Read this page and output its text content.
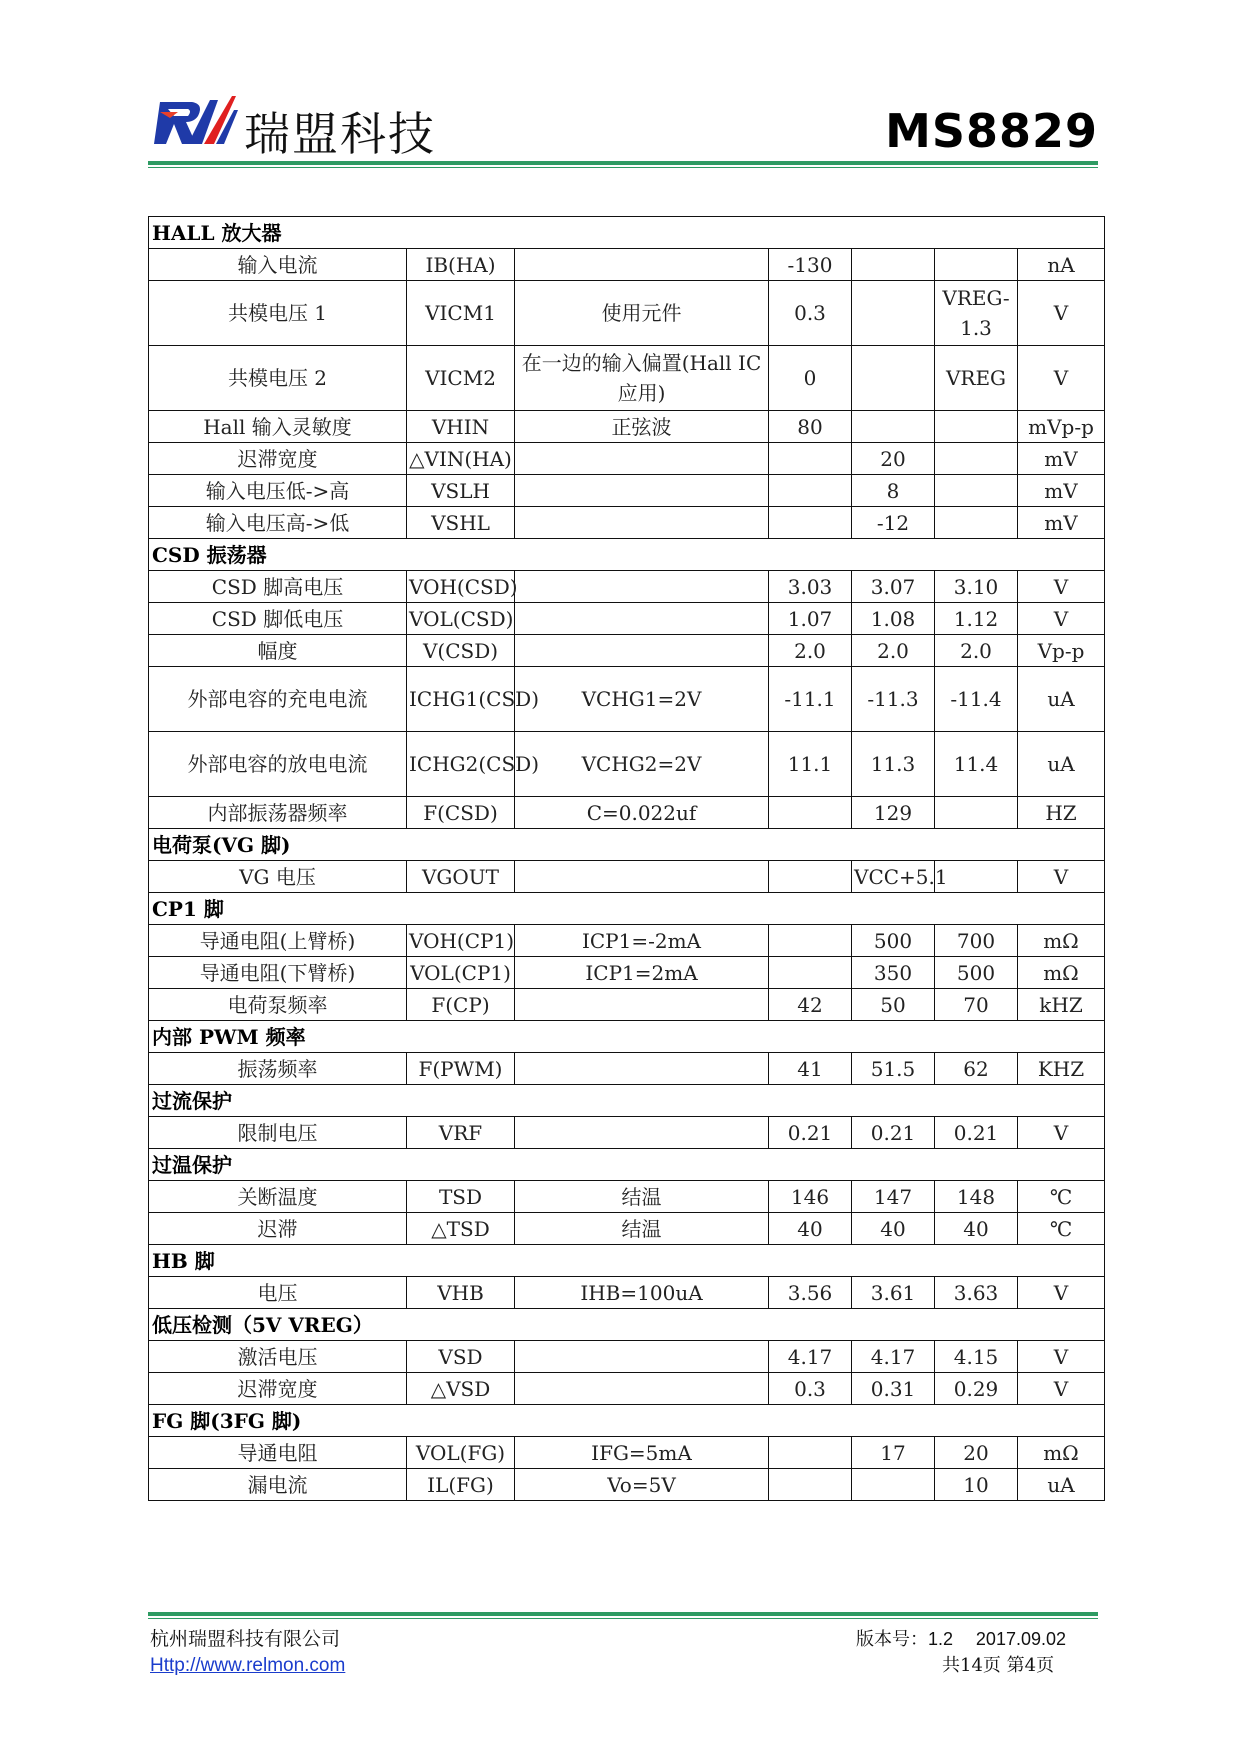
瑞盟科技	MS8829
HALL 放大器						
输入电流	IB(HA)		-130			nA
共模电压 1	VICM1	使用元件	0.3		VREG-1.3	V
共模电压 2	VICM2	在一边的输入偏置(Hall IC 应用)	0		VREG	V
Hall 输入灵敏度	VHIN	正弦波	80			mVp-p
迟滞宽度	△VIN(HA)			20		mV
输入电压低->高	VSLH			8		mV
输入电压高->低	VSHL			-12		mV
CSD 振荡器						
CSD 脚高电压	VOH(CSD)		3.03	3.07	3.10	V
CSD 脚低电压	VOL(CSD)		1.07	1.08	1.12	V
幅度	V(CSD)		2.0	2.0	2.0	Vp-p
外部电容的充电电流	ICHG1(CSD)	VCHG1=2V	-11.1	-11.3	-11.4	uA
外部电容的放电电流	ICHG2(CSD)	VCHG2=2V	11.1	11.3	11.4	uA
内部振荡器频率	F(CSD)	C=0.022uf		129		HZ
电荷泵(VG 脚)						
VG 电压	VGOUT			VCC+5.1		V
CP1 脚						
导通电阻(上臂桥)	VOH(CP1)	ICP1=-2mA		500	700	mΩ
导通电阻(下臂桥)	VOL(CP1)	ICP1=2mA		350	500	mΩ
电荷泵频率	F(CP)		42	50	70	kHZ
内部 PWM 频率						
振荡频率	F(PWM)		41	51.5	62	KHZ
过流保护						
限制电压	VRF		0.21	0.21	0.21	V
过温保护						
关断温度	TSD	结温	146	147	148	℃
迟滞	△TSD	结温	40	40	40	℃
HB 脚						
电压	VHB	IHB=100uA	3.56	3.61	3.63	V
低压检测（5V VREG）						
激活电压	VSD		4.17	4.17	4.15	V
迟滞宽度	△VSD		0.3	0.31	0.29	V
FG 脚(3FG 脚)						
导通电阻	VOL(FG)	IFG=5mA		17	20	mΩ
漏电流	IL(FG)	Vo=5V			10	uA
杭州瑞盟科技有限公司
Http://www.relmon.com
版本号：1.2 2017.09.02
共14页 第4页
